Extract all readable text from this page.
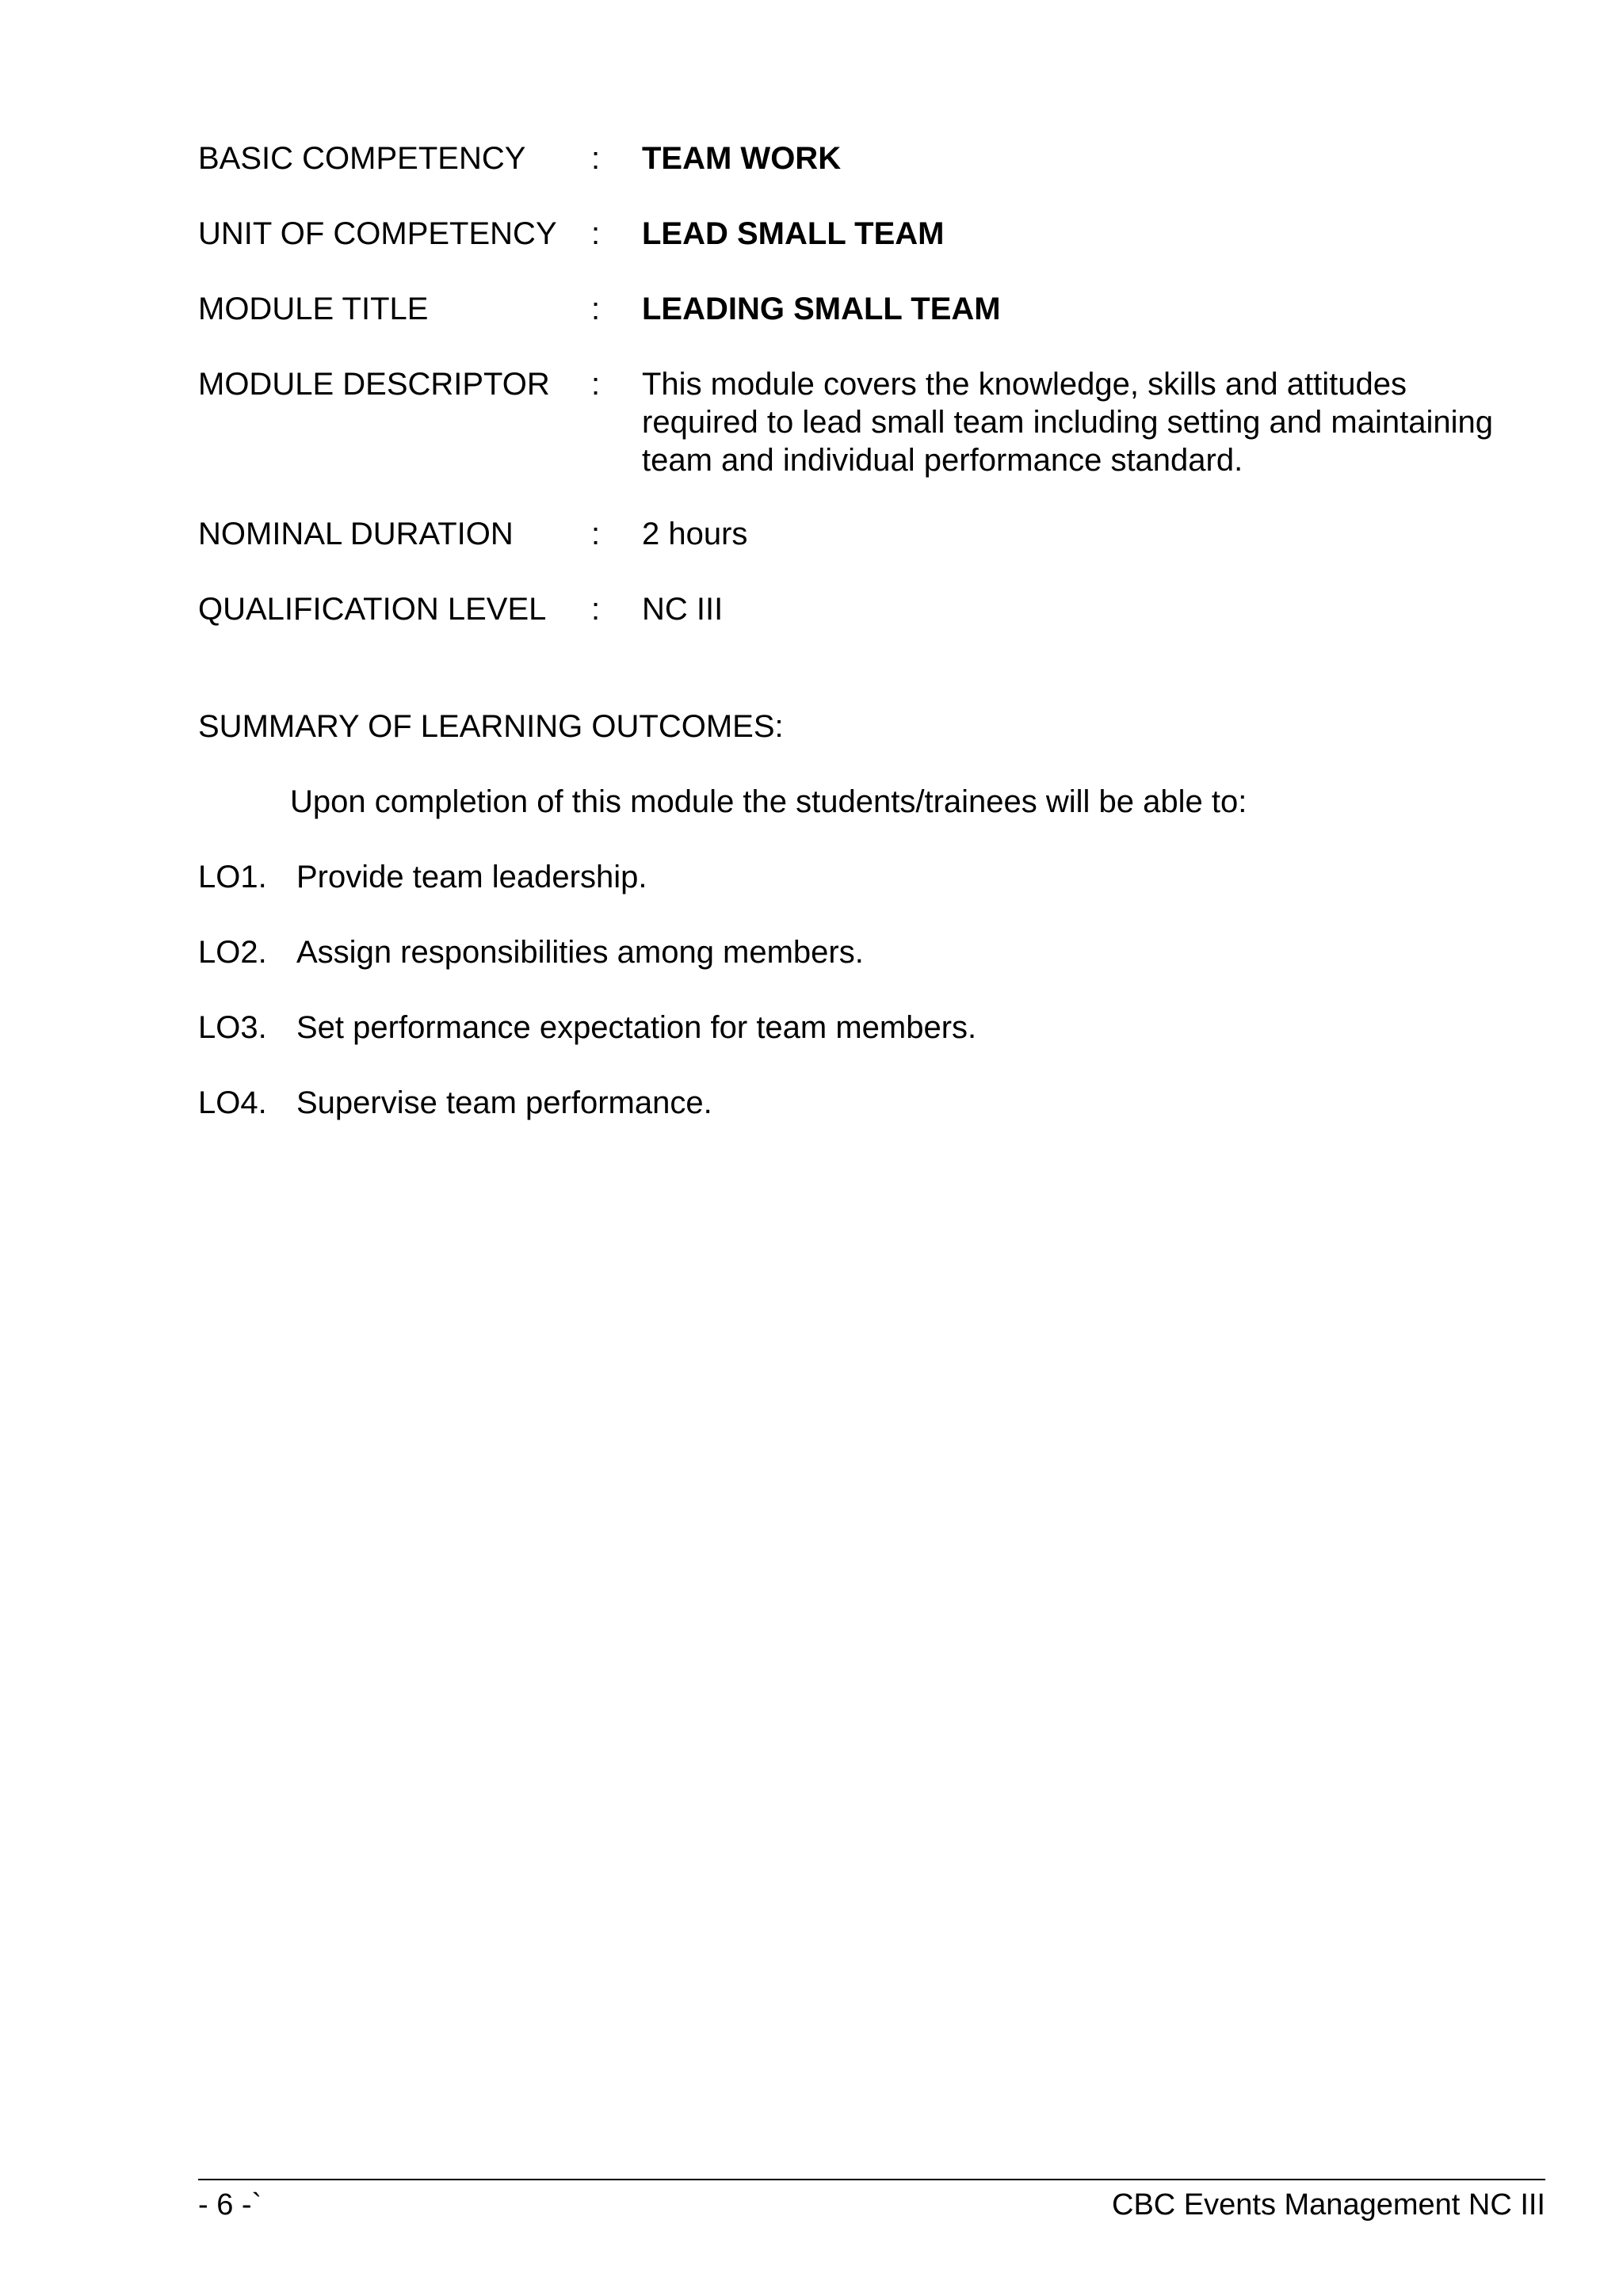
BASIC COMPETENCY : TEAM WORK
UNIT OF COMPETENCY : LEAD SMALL TEAM
MODULE TITLE	: LEADING SMALL TEAM
MODULE DESCRIPTOR : This module covers the knowledge, skills and attitudes
required to lead small team including setting and maintaining
team and individual performance standard.
NOMINAL DURATION : 2 hours
QUALIFICATION LEVEL : NC III
SUMMARY OF LEARNING OUTCOMES:
Upon completion of this module the students/trainees will be able to:
LO1. Provide team leadership.
LO2. Assign responsibilities among members.
LO3. Set performance expectation for team members.
LO4. Supervise team performance.
- 6 -`	CBC Events Management NC III
